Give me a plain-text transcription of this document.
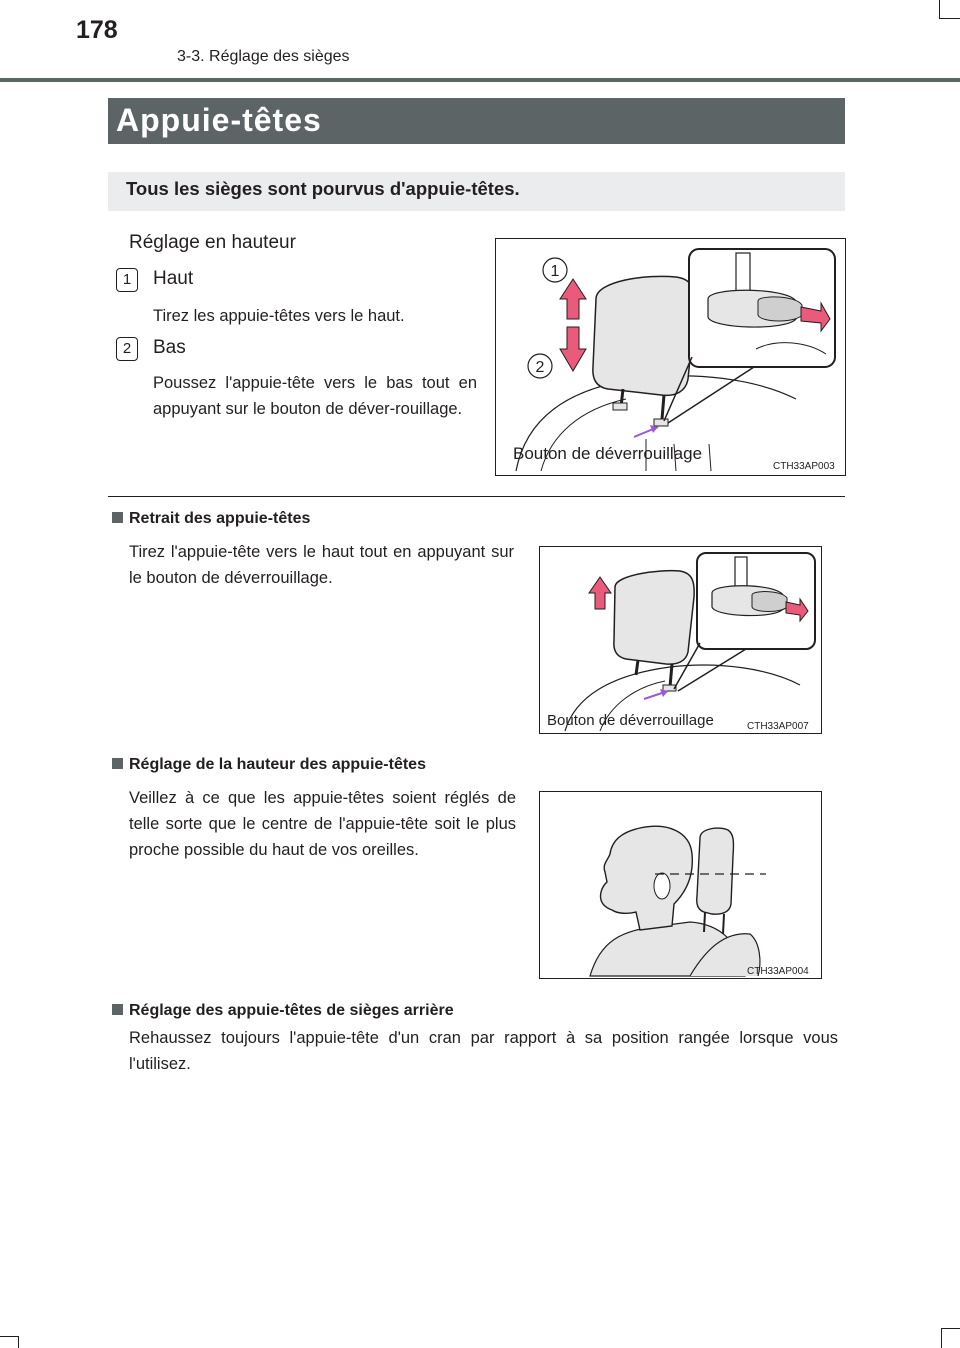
178
3-3. Réglage des sièges
Appuie-têtes
Tous les sièges sont pourvus d'appuie-têtes.
Réglage en hauteur
1	Haut
Tirez les appuie-têtes vers le haut.
2	Bas
Poussez l'appuie-tête vers le bas tout en appuyant sur le bouton de déver-rouillage.
1
2
Bouton de déverrouillage
CTH33AP003
Retrait des appuie-têtes
Tirez l'appuie-tête vers le haut tout en appuyant sur le bouton de déverrouillage.
Bouton de déverrouillage	CTH33AP007
Réglage de la hauteur des appuie-têtes
Veillez à ce que les appuie-têtes soient réglés de telle sorte que le centre de l'appuie-tête soit le plus proche possible du haut de vos oreilles.
CTH33AP004
Réglage des appuie-têtes de sièges arrière
Rehaussez toujours l'appuie-tête d'un cran par rapport à sa position rangée lorsque vous l'utilisez.
